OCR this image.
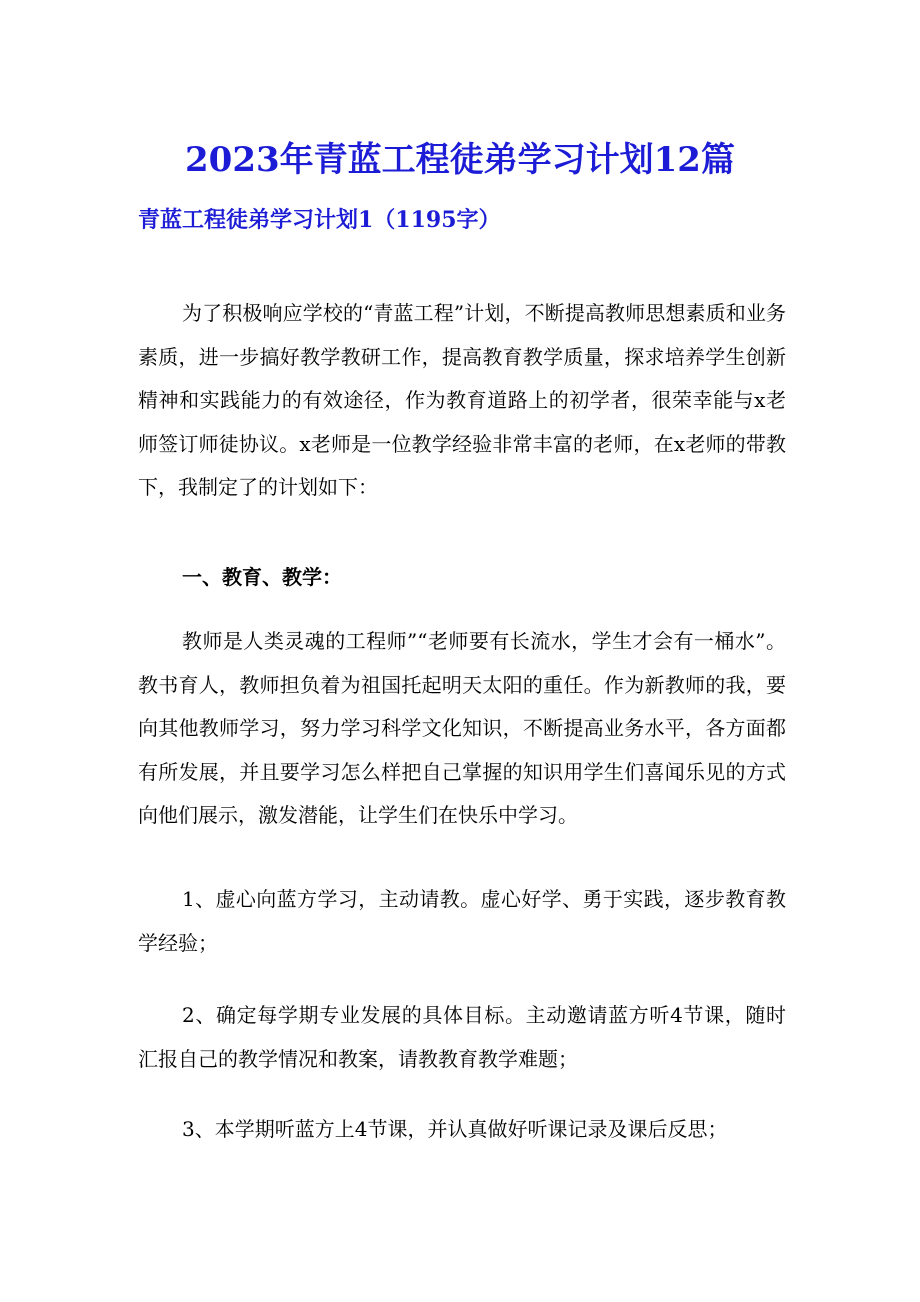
2023年青蓝工程徒弟学习计划12篇
青蓝工程徒弟学习计划1（1195字）

为了积极响应学校的“青蓝工程”计划，不断提高教师思想素质和业务素质，进一步搞好教学教研工作，提高教育教学质量，探求培养学生创新精神和实践能力的有效途径，作为教育道路上的初学者，很荣幸能与x老师签订师徒协议。x老师是一位教学经验非常丰富的老师，在x老师的带教下，我制定了的计划如下：

一、教育、教学：

教师是人类灵魂的工程师”“老师要有长流水，学生才会有一桶水”。教书育人，教师担负着为祖国托起明天太阳的重任。作为新教师的我，要向其他教师学习，努力学习科学文化知识，不断提高业务水平，各方面都有所发展，并且要学习怎么样把自己掌握的知识用学生们喜闻乐见的方式向他们展示，激发潜能，让学生们在快乐中学习。

1、虚心向蓝方学习，主动请教。虚心好学、勇于实践，逐步教育教学经验；

2、确定每学期专业发展的具体目标。主动邀请蓝方听4节课，随时汇报自己的教学情况和教案，请教教育教学难题；

3、本学期听蓝方上4节课，并认真做好听课记录及课后反思；
